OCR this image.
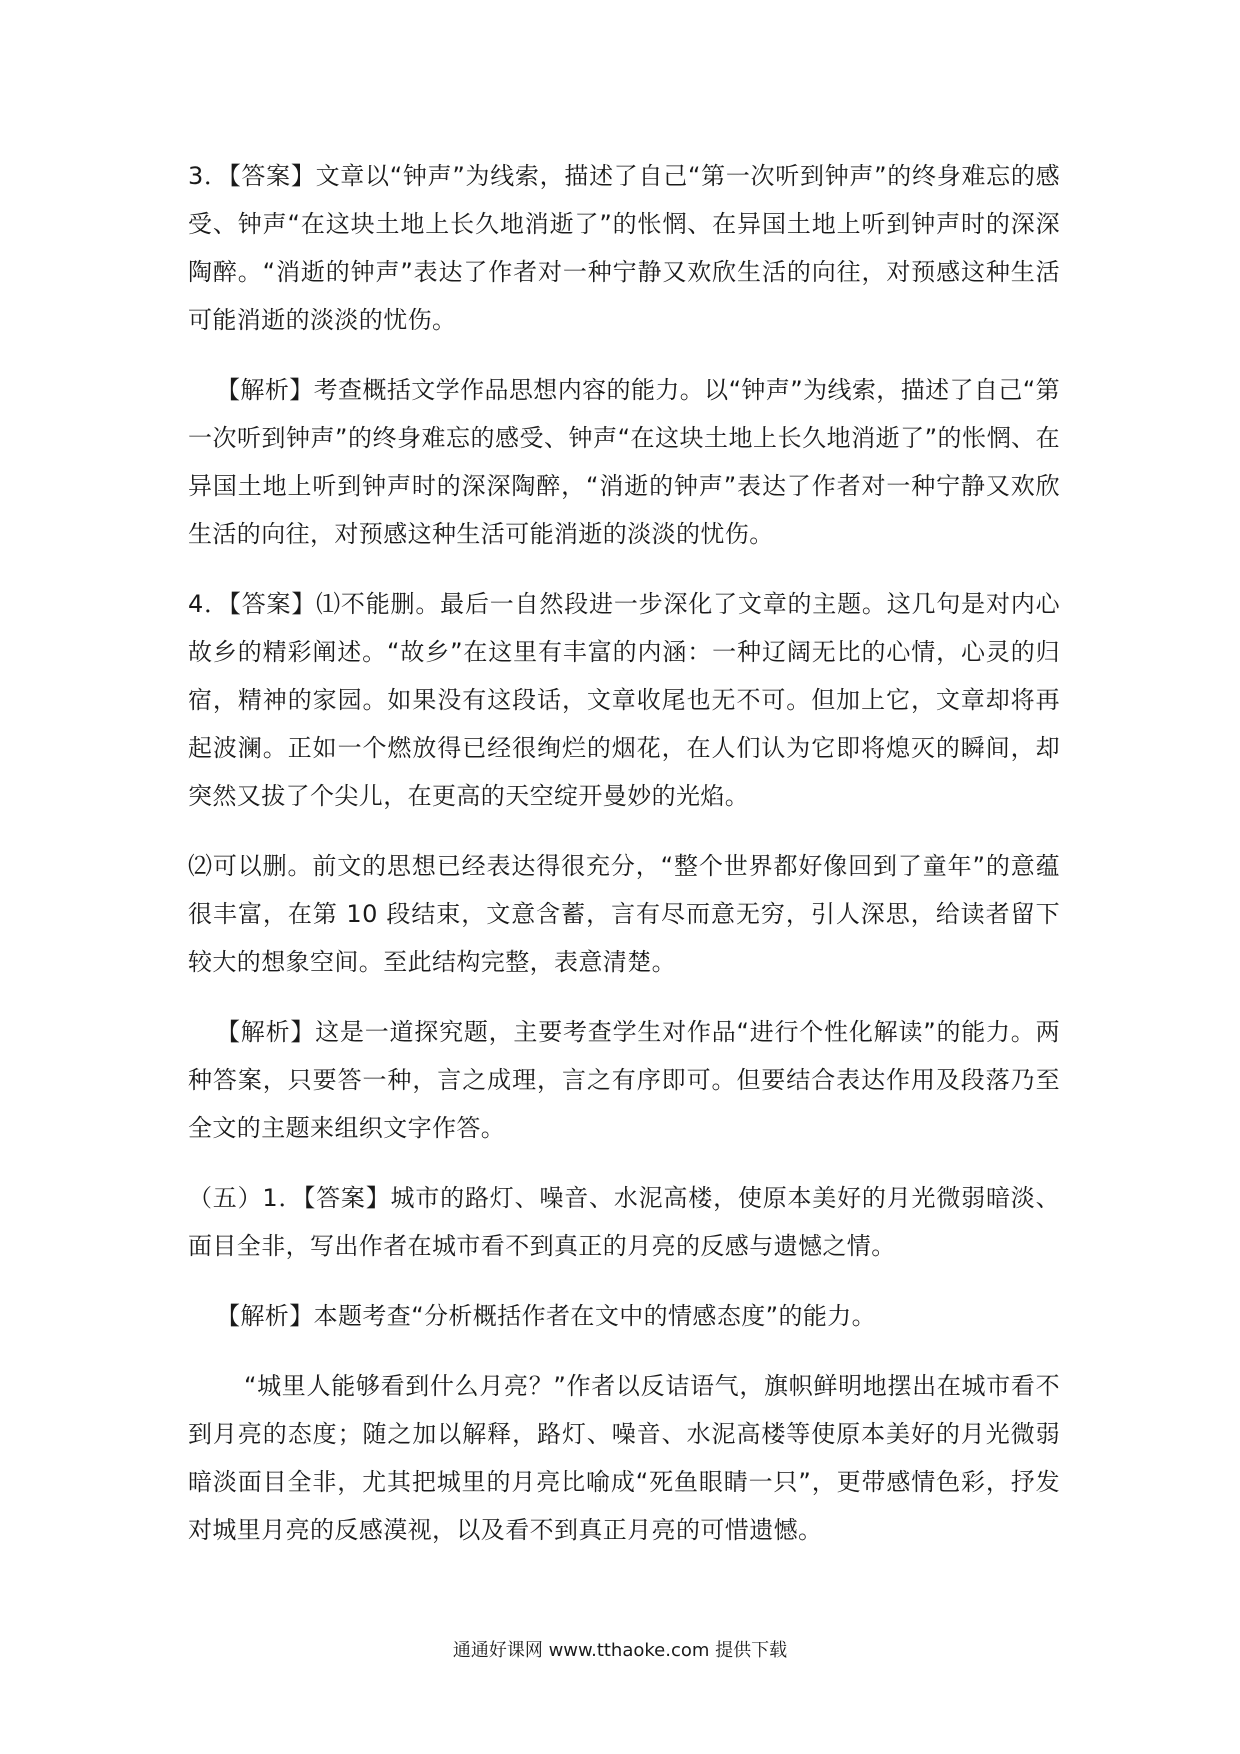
3．【答案】文章以“钟声”为线索，描述了自己“第一次听到钟声”的终身难忘的感受、钟声“在这块土地上长久地消逝了”的怅惘、在异国土地上听到钟声时的深深陶醉。“消逝的钟声”表达了作者对一种宁静又欢欣生活的向往，对预感这种生活可能消逝的淡淡的忧伤。

【解析】考查概括文学作品思想内容的能力。以“钟声”为线索，描述了自己“第一次听到钟声”的终身难忘的感受、钟声“在这块土地上长久地消逝了”的怅惘、在异国土地上听到钟声时的深深陶醉，“消逝的钟声”表达了作者对一种宁静又欢欣生活的向往，对预感这种生活可能消逝的淡淡的忧伤。

4．【答案】⑴不能删。最后一自然段进一步深化了文章的主题。这几句是对内心故乡的精彩阐述。“故乡”在这里有丰富的内涵：一种辽阔无比的心情，心灵的归宿，精神的家园。如果没有这段话，文章收尾也无不可。但加上它，文章却将再起波澜。正如一个燃放得已经很绚烂的烟花，在人们认为它即将熄灭的瞬间，却突然又拔了个尖儿，在更高的天空绽开曼妙的光焰。

⑵可以删。前文的思想已经表达得很充分，“整个世界都好像回到了童年”的意蕴很丰富，在第 10 段结束，文意含蓄，言有尽而意无穷，引人深思，给读者留下较大的想象空间。至此结构完整，表意清楚。

【解析】这是一道探究题，主要考查学生对作品“进行个性化解读”的能力。两种答案，只要答一种，言之成理，言之有序即可。但要结合表达作用及段落乃至全文的主题来组织文字作答。

（五）1．【答案】城市的路灯、噪音、水泥高楼，使原本美好的月光微弱暗淡、面目全非，写出作者在城市看不到真正的月亮的反感与遗憾之情。

【解析】本题考查“分析概括作者在文中的情感态度”的能力。

“城里人能够看到什么月亮？”作者以反诘语气，旗帜鲜明地摆出在城市看不到月亮的态度；随之加以解释，路灯、噪音、水泥高楼等使原本美好的月光微弱暗淡面目全非，尤其把城里的月亮比喻成“死鱼眼睛一只”，更带感情色彩，抒发对城里月亮的反感漠视，以及看不到真正月亮的可惜遗憾。

通通好课网 www.tthaoke.com 提供下载
